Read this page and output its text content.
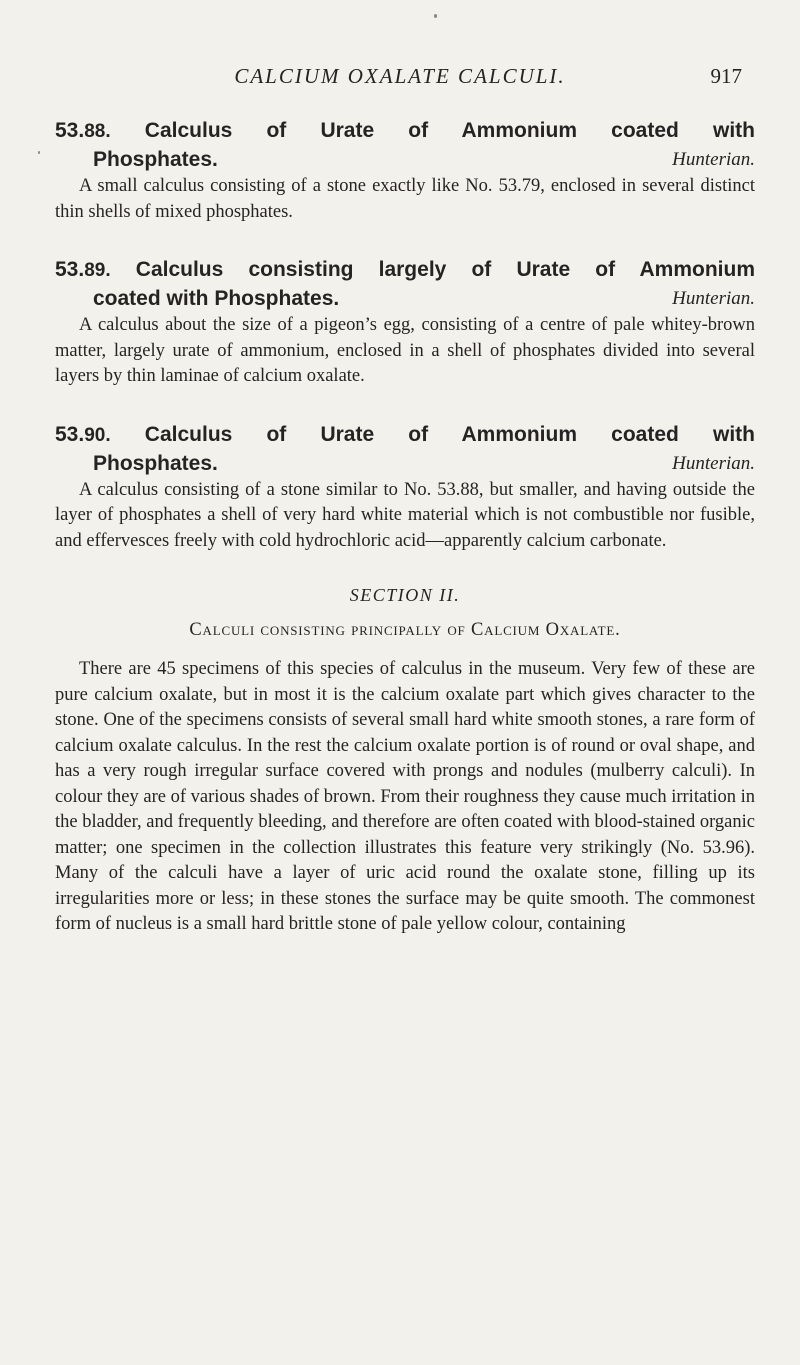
CALCIUM OXALATE CALCULI.	917
53.88. Calculus of Urate of Ammonium coated with
Phosphates.	Hunterian.

A small calculus consisting of a stone exactly like No. 53.79, enclosed in several distinct thin shells of mixed phosphates.

53.89. Calculus consisting largely of Urate of Ammonium
coated with Phosphates.	Hunterian.

A calculus about the size of a pigeon’s egg, consisting of a centre of pale whitey-brown matter, largely urate of ammonium, enclosed in a shell of phosphates divided into several layers by thin laminae of calcium oxalate.

53.90. Calculus of Urate of Ammonium coated with
Phosphates.	Hunterian.

A calculus consisting of a stone similar to No. 53.88, but smaller, and having outside the layer of phosphates a shell of very hard white material which is not combustible nor fusible, and effervesces freely with cold hydrochloric acid—apparently calcium carbonate.

SECTION II.
Calculi consisting principally of Calcium Oxalate.

There are 45 specimens of this species of calculus in the museum. Very few of these are pure calcium oxalate, but in most it is the calcium oxalate part which gives character to the stone. One of the specimens consists of several small hard white smooth stones, a rare form of calcium oxalate calculus. In the rest the calcium oxalate portion is of round or oval shape, and has a very rough irregular surface covered with prongs and nodules (mulberry calculi). In colour they are of various shades of brown. From their roughness they cause much irritation in the bladder, and frequently bleeding, and therefore are often coated with blood-stained organic matter; one specimen in the collection illustrates this feature very strikingly (No. 53.96). Many of the calculi have a layer of uric acid round the oxalate stone, filling up its irregularities more or less; in these stones the surface may be quite smooth. The commonest form of nucleus is a small hard brittle stone of pale yellow colour, containing
